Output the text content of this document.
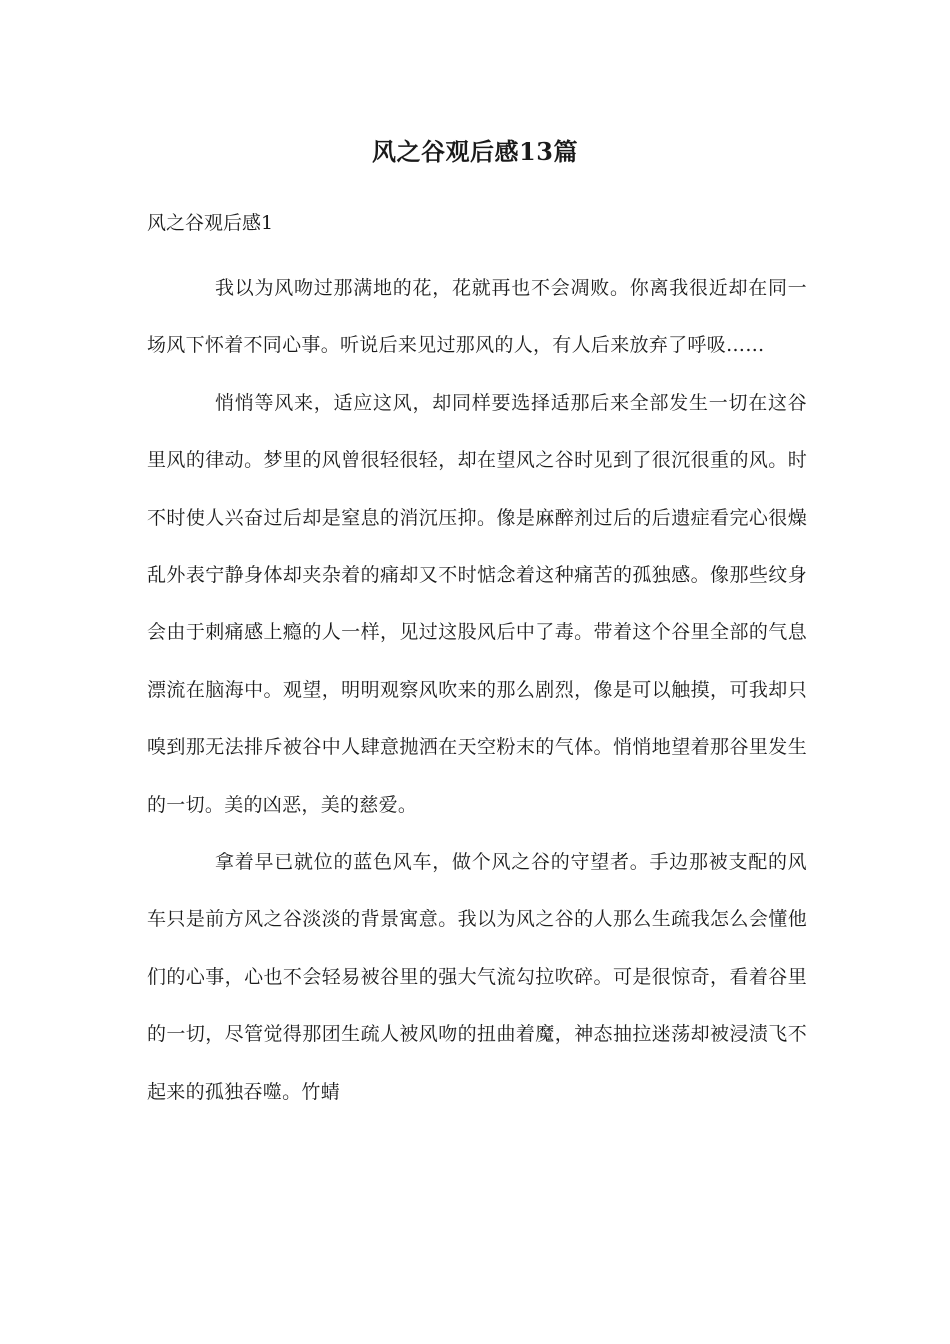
风之谷观后感13篇
风之谷观后感1

我以为风吻过那满地的花，花就再也不会凋败。你离我很近却在同一场风下怀着不同心事。听说后来见过那风的人，有人后来放弃了呼吸……

悄悄等风来，适应这风，却同样要选择适那后来全部发生一切在这谷里风的律动。梦里的风曾很轻很轻，却在望风之谷时见到了很沉很重的风。时不时使人兴奋过后却是窒息的消沉压抑。像是麻醉剂过后的后遗症看完心很燥乱外表宁静身体却夹杂着的痛却又不时惦念着这种痛苦的孤独感。像那些纹身会由于刺痛感上瘾的人一样，见过这股风后中了毒。带着这个谷里全部的气息漂流在脑海中。观望，明明观察风吹来的那么剧烈，像是可以触摸，可我却只嗅到那无法排斥被谷中人肆意抛洒在天空粉末的气体。悄悄地望着那谷里发生的一切。美的凶恶，美的慈爱。

拿着早已就位的蓝色风车，做个风之谷的守望者。手边那被支配的风车只是前方风之谷淡淡的背景寓意。我以为风之谷的人那么生疏我怎么会懂他们的心事，心也不会轻易被谷里的强大气流勾拉吹碎。可是很惊奇，看着谷里的一切，尽管觉得那团生疏人被风吻的扭曲着魔，神态抽拉迷荡却被浸渍飞不起来的孤独吞噬。竹蜻
